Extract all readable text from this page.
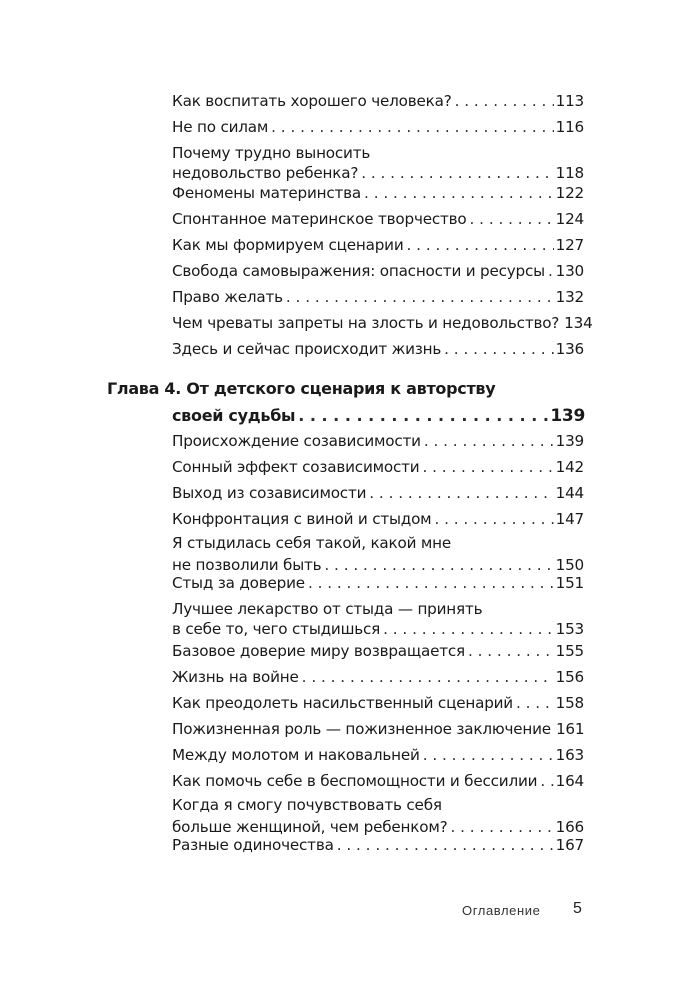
Как воспитать хорошего человека? . . .	113
Не по силам . . .	116
Почему трудно выносить
недовольство ребенка? . . .	118
Феномены материнства . . .	122
Спонтанное материнское творчество . . .	124
Как мы формируем сценарии . . .	127
Свобода самовыражения: опасности и ресурсы . . . 130
Право желать . . .	132
Чем чреваты запреты на злость и недовольство? 134
Здесь и сейчас происходит жизнь . . .	136
Глава 4. От детского сценария к авторству
своей судьбы . . .	139
Происхождение созависимости . . .	139
Сонный эффект созависимости . . .	142
Выход из созависимости . . .	144
Конфронтация с виной и стыдом . . .	147
Я стыдилась себя такой, какой мне
не позволили быть . . .	150
Стыд за доверие . . .	151
Лучшее лекарство от стыда — принять
в себе то, чего стыдишься . . .	153
Базовое доверие миру возвращается . . .	155
Жизнь на войне . . .	156
Как преодолеть насильственный сценарий . . .	158
Пожизненная роль — пожизненное заключение 161
Между молотом и наковальней . . .	163
Как помочь себе в беспомощности и бессилии . . . 164
Когда я смогу почувствовать себя
больше женщиной, чем ребенком? . . .	166
Разные одиночества . . .	167
Оглавление 5
